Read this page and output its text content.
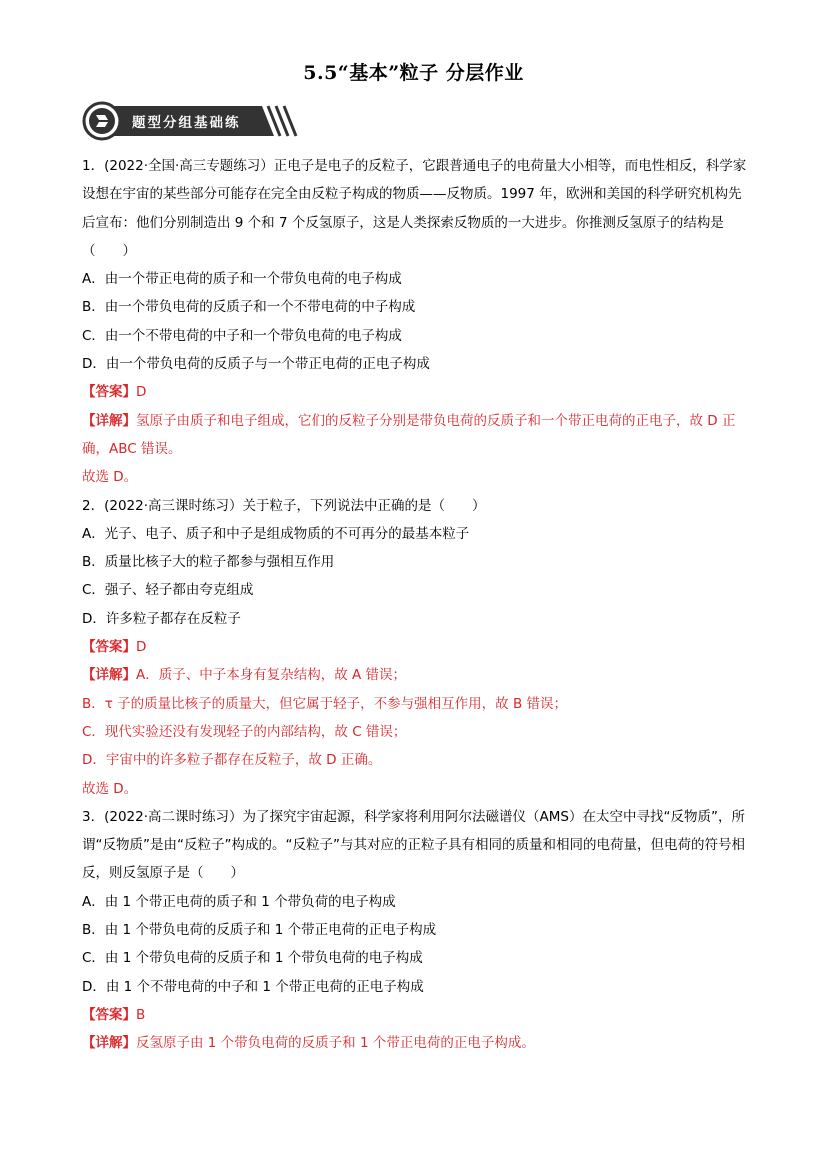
5.5“基本”粒子 分层作业
题型分组基础练

1．(2022·全国·高三专题练习）正电子是电子的反粒子，它跟普通电子的电荷量大小相等，而电性相反，科学家设想在宇宙的某些部分可能存在完全由反粒子构成的物质——反物质。1997 年，欧洲和美国的科学研究机构先后宣布：他们分别制造出 9 个和 7 个反氢原子，这是人类探索反物质的一大进步。你推测反氢原子的结构是（　　）

A．由一个带正电荷的质子和一个带负电荷的电子构成

B．由一个带负电荷的反质子和一个不带电荷的中子构成

C．由一个不带电荷的中子和一个带负电荷的电子构成

D．由一个带负电荷的反质子与一个带正电荷的正电子构成

【答案】D

【详解】氢原子由质子和电子组成，它们的反粒子分别是带负电荷的反质子和一个带正电荷的正电子，故 D 正确，ABC 错误。

故选 D。

2．(2022·高三课时练习）关于粒子，下列说法中正确的是（　　）

A．光子、电子、质子和中子是组成物质的不可再分的最基本粒子

B．质量比核子大的粒子都参与强相互作用

C．强子、轻子都由夸克组成

D．许多粒子都存在反粒子

【答案】D

【详解】A．质子、中子本身有复杂结构，故 A 错误；

B．τ 子的质量比核子的质量大，但它属于轻子，不参与强相互作用，故 B 错误；

C．现代实验还没有发现轻子的内部结构，故 C 错误；

D．宇宙中的许多粒子都存在反粒子，故 D 正确。

故选 D。

3．(2022·高二课时练习）为了探究宇宙起源，科学家将利用阿尔法磁谱仪（AMS）在太空中寻找“反物质”，所谓“反物质”是由“反粒子”构成的。“反粒子”与其对应的正粒子具有相同的质量和相同的电荷量，但电荷的符号相反，则反氢原子是（　　）

A．由 1 个带正电荷的质子和 1 个带负荷的电子构成

B．由 1 个带负电荷的反质子和 1 个带正电荷的正电子构成

C．由 1 个带负电荷的反质子和 1 个带负电荷的电子构成

D．由 1 个不带电荷的中子和 1 个带正电荷的正电子构成

【答案】B

【详解】反氢原子由 1 个带负电荷的反质子和 1 个带正电荷的正电子构成。
